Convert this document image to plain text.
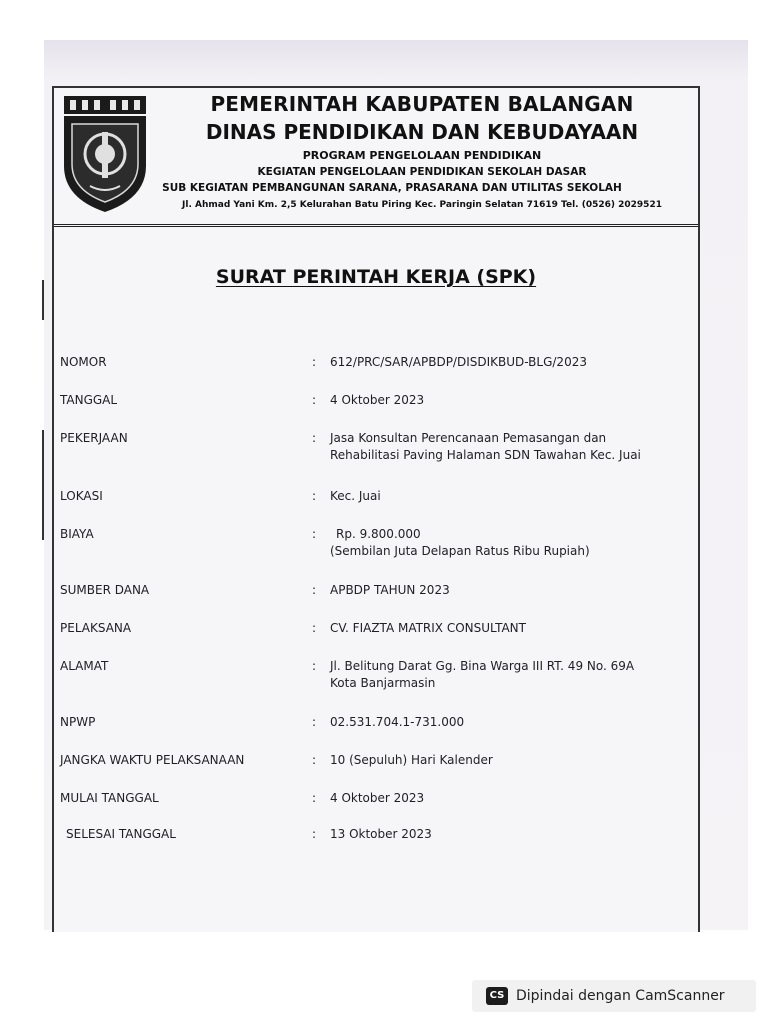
PEMERINTAH KABUPATEN BALANGAN
DINAS PENDIDIKAN DAN KEBUDAYAAN
PROGRAM PENGELOLAAN PENDIDIKAN
KEGIATAN PENGELOLAAN PENDIDIKAN SEKOLAH DASAR
SUB KEGIATAN PEMBANGUNAN SARANA, PRASARANA DAN UTILITAS SEKOLAH
Jl. Ahmad Yani Km. 2,5 Kelurahan Batu Piring Kec. Paringin Selatan 71619 Tel. (0526) 2029521
SURAT PERINTAH KERJA (SPK)
NOMOR	: 612/PRC/SAR/APBDP/DISDIKBUD-BLG/2023
TANGGAL	: 4 Oktober 2023
PEKERJAAN	: Jasa Konsultan Perencanaan Pemasangan dan
Rehabilitasi Paving Halaman SDN Tawahan Kec. Juai
LOKASI	: Kec. Juai
BIAYA	:	Rp. 9.800.000
(Sembilan Juta Delapan Ratus Ribu Rupiah)
SUMBER DANA	: APBDP TAHUN 2023
PELAKSANA	: CV. FIAZTA MATRIX CONSULTANT
ALAMAT	: Jl. Belitung Darat Gg. Bina Warga III RT. 49 No. 69A
Kota Banjarmasin
NPWP	: 02.531.704.1-731.000
JANGKA WAKTU PELAKSANAAN	: 10 (Sepuluh) Hari Kalender
MULAI TANGGAL	: 4 Oktober 2023
SELESAI TANGGAL	: 13 Oktober 2023
CS Dipindai dengan CamScanner
